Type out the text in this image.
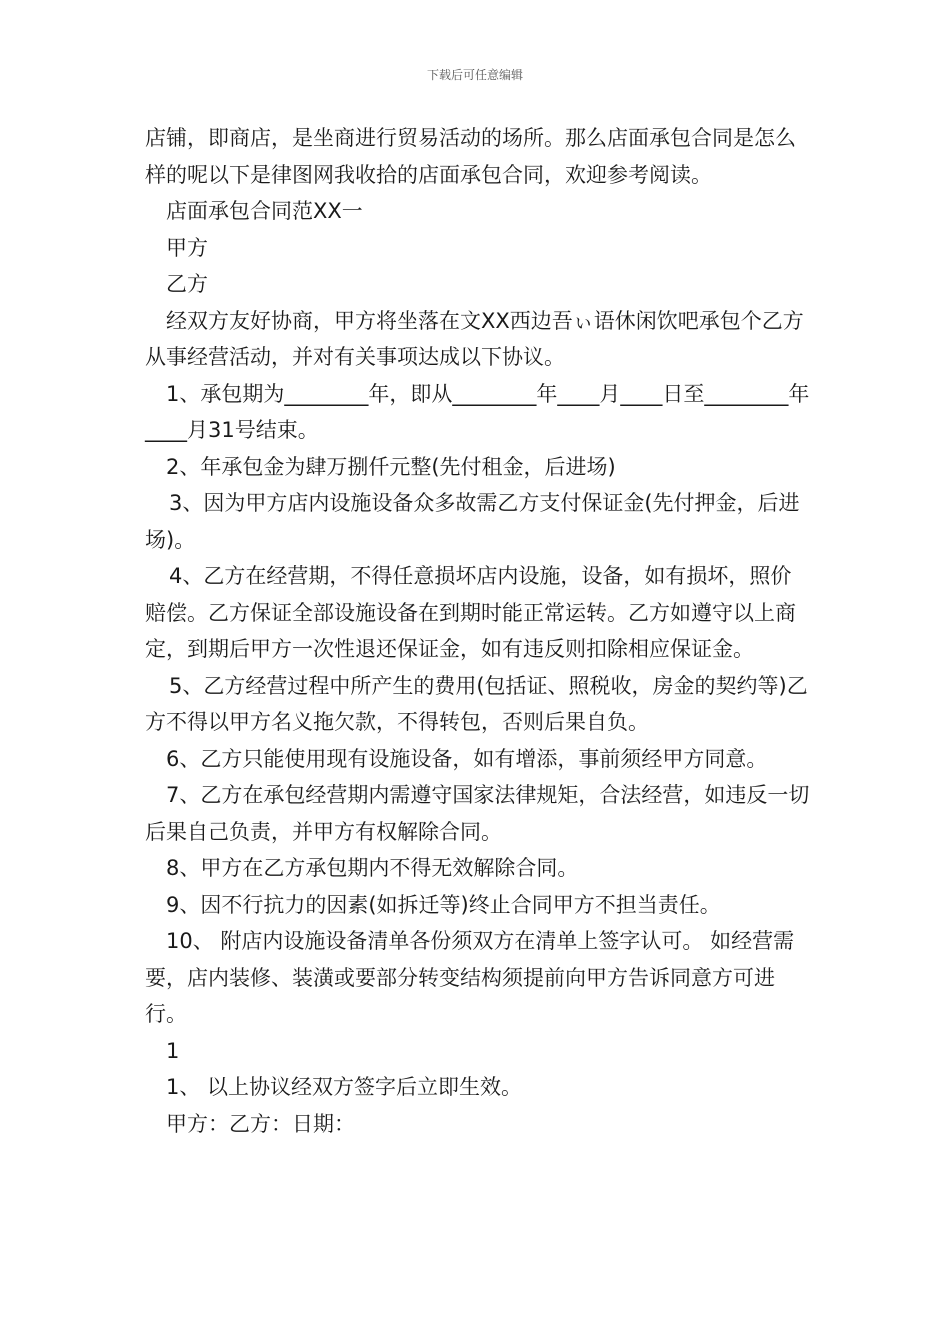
下载后可任意编辑

店铺，即商店，是坐商进行贸易活动的场所。那么店面承包合同是怎么样的呢以下是律图网我收拾的店面承包合同，欢迎参考阅读。

店面承包合同范XX一

甲方

乙方

经双方友好协商，甲方将坐落在文XX西边吾ぃ语休闲饮吧承包个乙方从事经营活动，并对有关事项达成以下协议。

1、承包期为________年，即从________年____月____日至________年____月31号结束。

2、年承包金为肆万捌仟元整(先付租金，后进场)

3、因为甲方店内设施设备众多故需乙方支付保证金(先付押金，后进场)。

4、乙方在经营期，不得任意损坏店内设施，设备，如有损坏，照价赔偿。乙方保证全部设施设备在到期时能正常运转。乙方如遵守以上商定，到期后甲方一次性退还保证金，如有违反则扣除相应保证金。

5、乙方经营过程中所产生的费用(包括证、照税收，房金的契约等)乙方不得以甲方名义拖欠款，不得转包，否则后果自负。

6、乙方只能使用现有设施设备，如有增添，事前须经甲方同意。

7、乙方在承包经营期内需遵守国家法律规矩，合法经营，如违反一切后果自己负责，并甲方有权解除合同。

8、甲方在乙方承包期内不得无效解除合同。

9、因不行抗力的因素(如拆迁等)终止合同甲方不担当责任。

10、 附店内设施设备清单各份须双方在清单上签字认可。 如经营需要，店内装修、装潢或要部分转变结构须提前向甲方告诉同意方可进行。

1

1、 以上协议经双方签字后立即生效。

甲方：乙方：日期：
